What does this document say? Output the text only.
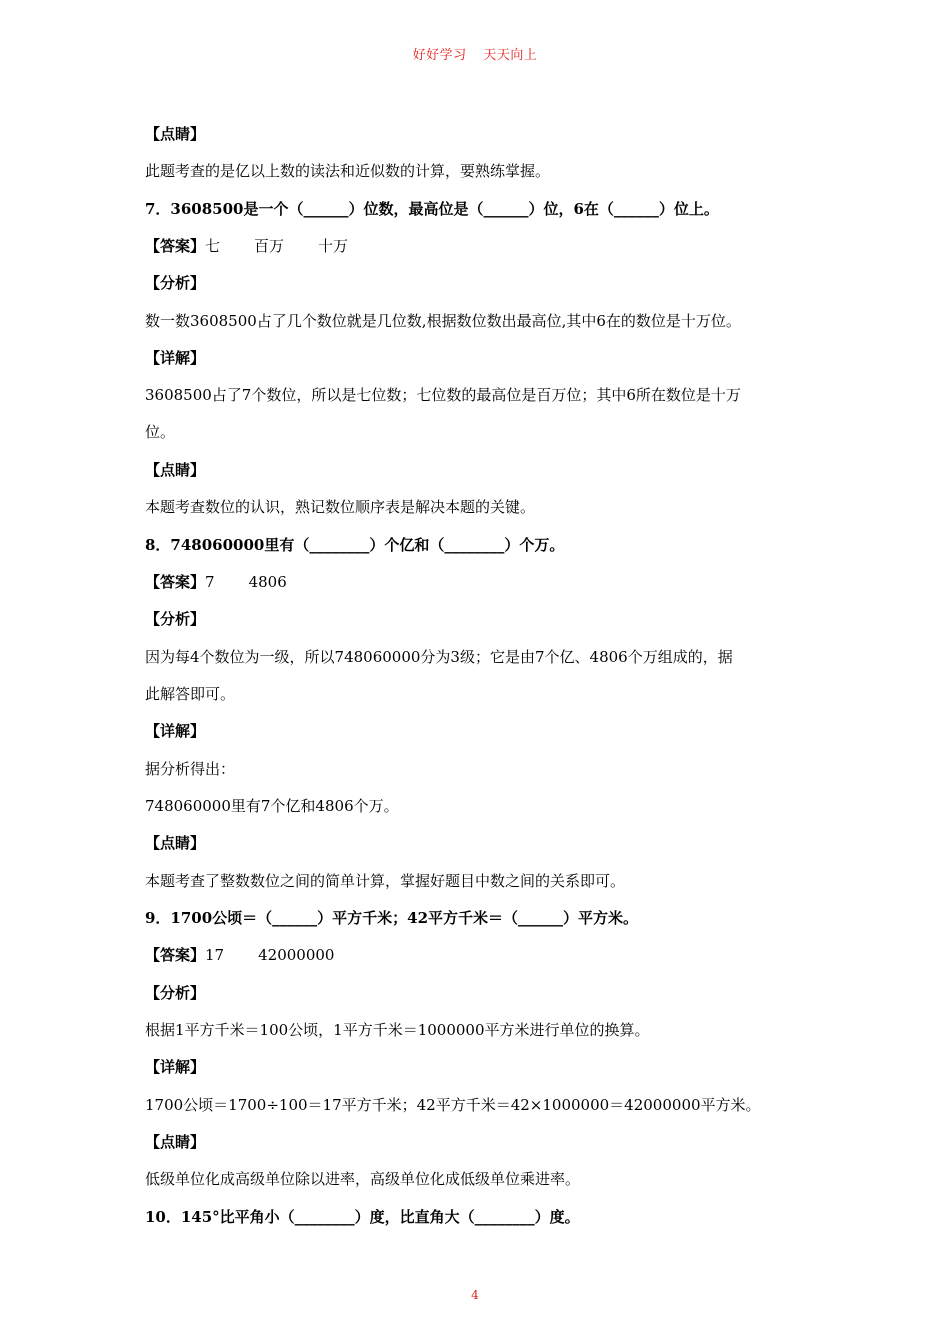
好好学习 天天向上
【点睛】
此题考查的是亿以上数的读法和近似数的计算，要熟练掌握。
7．3608500是一个（______）位数，最高位是（______）位，6在（______）位上。
【答案】七 百万 十万
【分析】
数一数3608500占了几个数位就是几位数,根据数位数出最高位,其中6在的数位是十万位。
【详解】
3608500占了7个数位，所以是七位数；七位数的最高位是百万位；其中6所在数位是十万
位。
【点睛】
本题考查数位的认识，熟记数位顺序表是解决本题的关键。
8．748060000里有（________）个亿和（________）个万。
【答案】7 4806
【分析】
因为每4个数位为一级，所以748060000分为3级；它是由7个亿、4806个万组成的，据
此解答即可。
【详解】
据分析得出：
748060000里有7个亿和4806个万。
【点睛】
本题考查了整数数位之间的简单计算，掌握好题目中数之间的关系即可。
9．1700公顷＝（______）平方千米；42平方千米＝（______）平方米。
【答案】17 42000000
【分析】
根据1平方千米＝100公顷，1平方千米＝1000000平方米进行单位的换算。
【详解】
1700公顷＝1700÷100＝17平方千米；42平方千米＝42×1000000＝42000000平方米。
【点睛】
低级单位化成高级单位除以进率，高级单位化成低级单位乘进率。
10．145°比平角小（________）度，比直角大（________）度。
4
